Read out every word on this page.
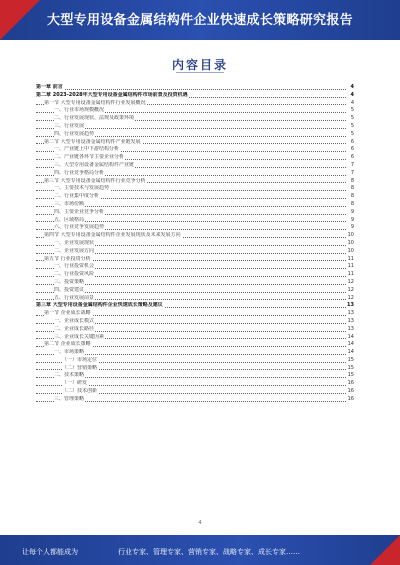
大型专用设备金属结构件企业快速成长策略研究报告
内容目录
第一章 前言	4
第二章 2023-2028年大型专用设备金属结构件市场前景及投资机遇	4
第一节 大型专用设备金属结构件行业发展概况	4
一、行业市场规模概况	5
二、行业发展现状、法规及政策环境	5
三、行业发展	5
四、行业发展趋势	5
第二节 大型专用设备金属结构件产业链发展	6
一、产业链上中下游结构分析	6
二、产业链各环节主要企业分析	6
三、大型专用设备金属结构件产业链	7
四、行业竞争格局分析	7
第三节 大型专用设备金属结构件行业竞争分析	8
一、主要技术与发展趋势	8
二、行业集中度分析	8
三、市场份额	8
四、主要企业竞争分析	9
五、区域格局	9
六、行业竞争发展趋势	9
第四节 大型专用设备金属结构件企业发展现状及未来发展方向	10
一、企业发展现状	10
二、企业发展方向	10
第五节 行业投资分析	11
一、行业投资机会	11
二、行业投资风险	11
三、投资策略	12
四、投资建议	12
五、行业发展前景	12
第三章 大型专用设备金属结构件企业快速成长策略及建议	13
第一节 企业成长战略	13
一、企业成长模式	13
二、企业成长路径	13
三、企业成长关键因素	14
第二节 企业成长策略	14
一、市场策略	14
（一）市场定位	15
（二）营销策略	15
二、技术策略	15
（一）研发	16
（二）技术创新	16
三、管理策略	16
4
让每个人都能成为	行业专家、管理专家、营销专家、战略专家、成长专家……
